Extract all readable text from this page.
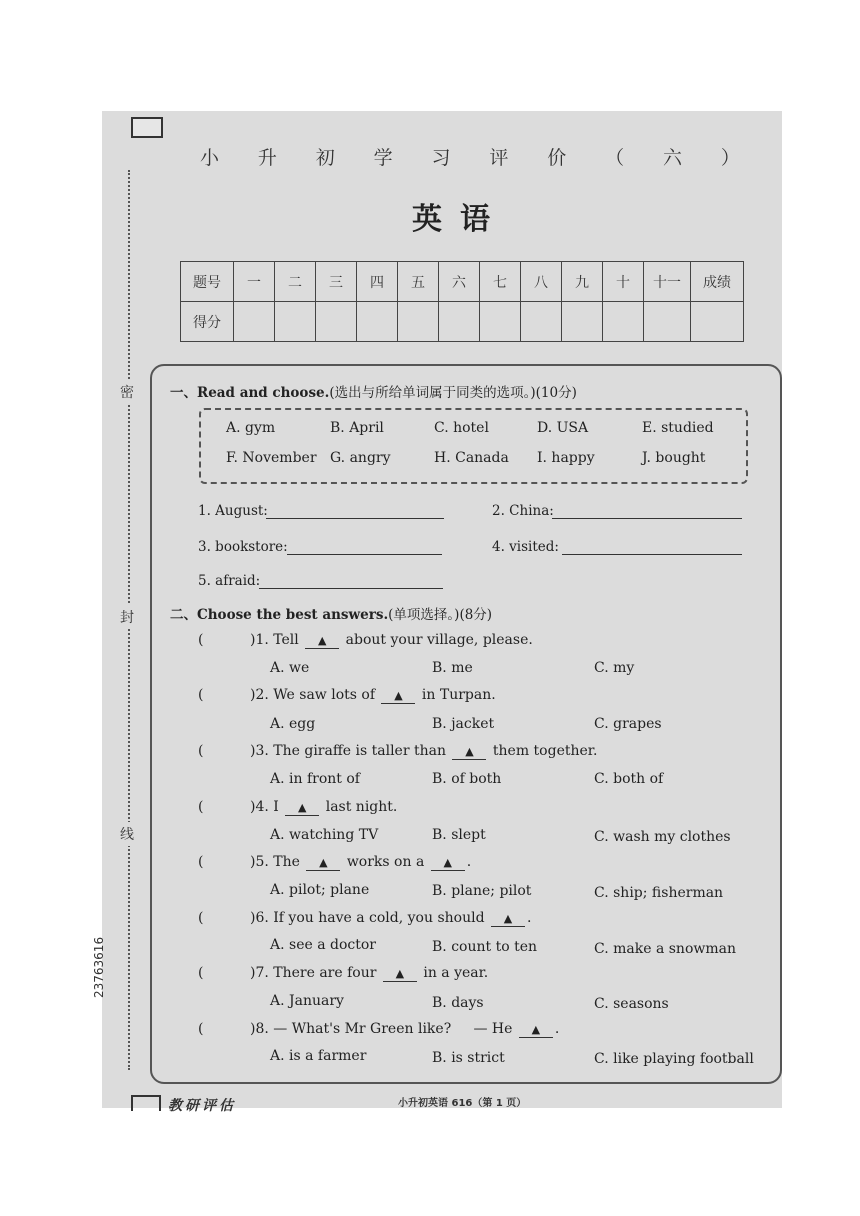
密
封
线
23763616
小 升 初 学 习 评 价 （ 六 ）
英语
题号	一	二	三	四	五	六	七	八	九	十	十一	成绩
得分												
一、Read and choose.(选出与所给单词属于同类的选项。)(10分)
A. gym	B. April	C. hotel	D. USA	E. studied
F. November G. angry	H. Canada I. happy	J. bought
1. August:	2. China:
3. bookstore:	4. visited:
5. afraid:
二、Choose the best answers.(单项选择。)(8分)
(	)1. Tell ▲ about your village, please.
A. we	B. me	C. my
(	)2. We saw lots of ▲ in Turpan.
A. egg	B. jacket	C. grapes
(	)3. The giraffe is taller than ▲ them together.
A. in front of	B. of both	C. both of
(	)4. I ▲ last night.
A. watching TV	B. slept	C. wash my clothes
(	)5. The ▲ works on a ▲ .
A. pilot; plane	B. plane; pilot	C. ship; fisherman
(	)6. If you have a cold, you should ▲ .
A. see a doctor	B. count to ten	C. make a snowman
(	)7. There are four ▲ in a year.
A. January	B. days	C. seasons
(	)8. — What's Mr Green like? — He ▲ .
A. is a farmer	B. is strict	C. like playing football
教研评估	小升初英语 616（第 1 页）
